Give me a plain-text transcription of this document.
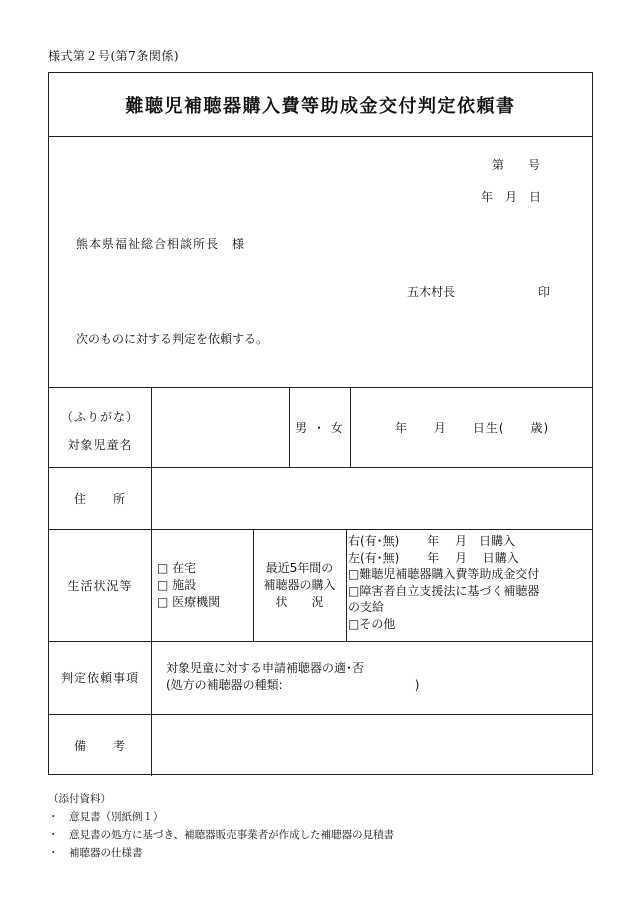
様式第２号(第7条関係)
難聴児補聴器購入費等助成金交付判定依頼書
第　　号
年　月　日
熊本県福祉総合相談所長　様
五木村長	印
次のものに対する判定を依頼する。
（ふりがな）
対象児童名
男 ・ 女	年　　月　　日生(　　歳)
住　　所
生活状況等
□ 在宅
□ 施設
□ 医療機関
最近5年間の
補聴器の購入
状　　況
右(有･無)　　 年　 月　日購入
左(有･無)　　 年　 月　 日購入
□難聴児補聴器購入費等助成金交付
□障害者自立支援法に基づく補聴器
の支給
□その他
判定依頼事項
対象児童に対する申請補聴器の適･否
(処方の補聴器の種類:　　　　　　　　　　　)
備　　考
（添付資料）
・　意見書（別紙例１）
・　意見書の処方に基づき、補聴器販売事業者が作成した補聴器の見積書
・　補聴器の仕様書
